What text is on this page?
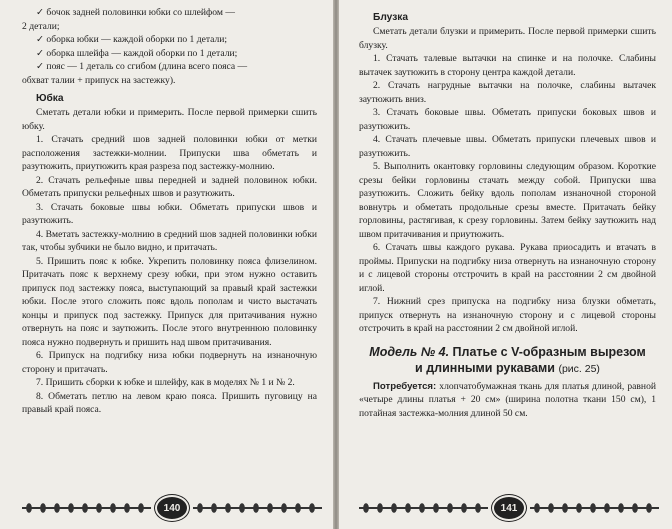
✓ бочок задней половинки юбки со шлейфом —

2 детали;

✓ оборка юбки — каждой оборки по 1 детали;

✓ оборка шлейфа — каждой оборки по 1 детали;

✓ пояс — 1 деталь со сгибом (длина всего пояса —

обхват талии + припуск на застежку).

Юбка

Сметать детали юбки и примерить. После первой примерки сшить юбку.

1. Стачать средний шов задней половинки юбки от метки расположения застежки-молнии. Припуски шва обметать и разутюжить, приутюжить края разреза под застежку-молнию.

2. Стачать рельефные швы передней и задней половинок юбки. Обметать припуски рельефных швов и разутюжить.

3. Стачать боковые швы юбки. Обметать припуски швов и разутюжить.

4. Вметать застежку-молнию в средний шов задней половинки юбки так, чтобы зубчики не было видно, и притачать.

5. Пришить пояс к юбке. Укрепить половинку пояса флизелином. Притачать пояс к верхнему срезу юбки, при этом нужно оставить припуск под застежку пояса, выступающий за правый край застежки юбки. После этого сложить пояс вдоль пополам и чисто выстачать концы и припуск под застежку. Припуск для притачивания нужно отвернуть на пояс и заутюжить. После этого внутреннюю половинку пояса нужно подвернуть и пришить над швом притачивания.

6. Припуск на подгибку низа юбки подвернуть на изнаночную сторону и притачать.

7. Пришить сборки к юбке и шлейфу, как в моделях № 1 и № 2.

8. Обметать петлю на левом краю пояса. Пришить пуговицу на правый край пояса.

140
Блузка

Сметать детали блузки и примерить. После первой примерки сшить блузку.

1. Стачать талевые вытачки на спинке и на полочке. Слабины вытачек заутюжить в сторону центра каждой детали.

2. Стачать нагрудные вытачки на полочке, слабины вытачек заутюжить вниз.

3. Стачать боковые швы. Обметать припуски боковых швов и разутюжить.

4. Стачать плечевые швы. Обметать припуски плечевых швов и разутюжить.

5. Выполнить окантовку горловины следующим образом. Короткие срезы бейки горловины стачать между собой. Припуски шва разутюжить. Сложить бейку вдоль пополам изнаночной стороной вовнутрь и обметать продольные срезы вместе. Притачать бейку горловины, растягивая, к срезу горловины. Затем бейку заутюжить над швом притачивания и приутюжить.

6. Стачать швы каждого рукава. Рукава приосадить и втачать в проймы. Припуски на подгибку низа отвернуть на изнаночную сторону и с лицевой стороны отстрочить в край на расстоянии 2 см двойной иглой.

7. Нижний срез припуска на подгибку низа блузки обметать, припуск отвернуть на изнаночную сторону и с лицевой стороны отстрочить в край на расстоянии 2 см двойной иглой.

Модель № 4. Платье с V-образным вырезом
и длинными рукавами (рис. 25)

Потребуется: хлопчатобумажная ткань для платья длиной, равной «четыре длины платья + 20 см» (ширина полотна ткани 150 см), 1 потайная застежка-молния длиной 50 см.

141
